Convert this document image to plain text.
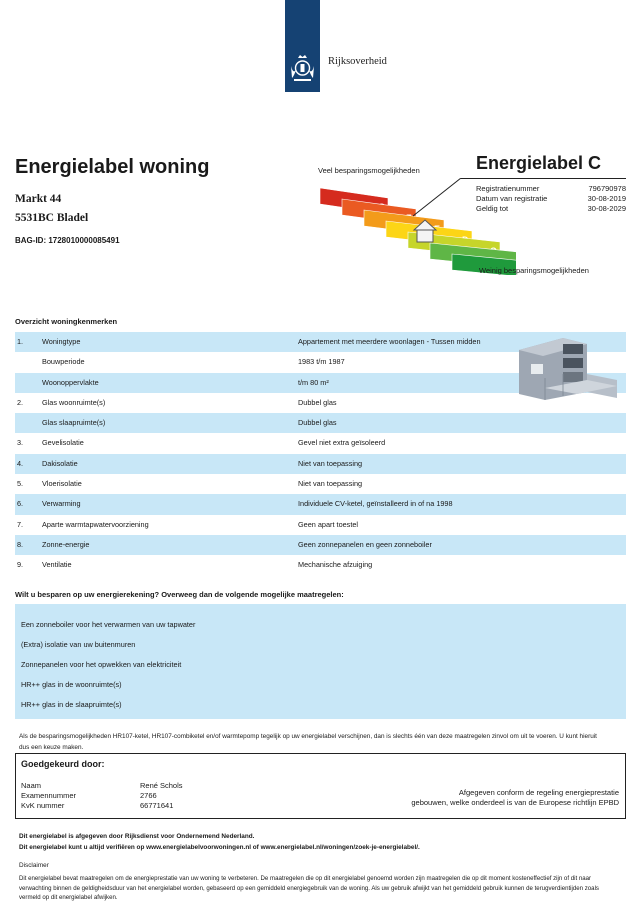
Rijksoverheid
Energielabel woning
Markt 44
5531BC Bladel
BAG-ID: 1728010000085491
Veel besparingsmogelijkheden
Weinig besparingsmogelijkheden
Energielabel C
Registratienummer	796790978
Datum van registratie	30-08-2019
Geldig tot	30-08-2029
Overzicht woningkenmerken
1.	Woningtype	Appartement met meerdere woonlagen - Tussen midden
Bouwperiode	1983 t/m 1987
Woonoppervlakte	t/m 80 m²
2.	Glas woonruimte(s)	Dubbel glas
Glas slaapruimte(s)	Dubbel glas
3.	Gevelisolatie	Gevel niet extra geïsoleerd
4.	Dakisolatie	Niet van toepassing
5.	Vloerisolatie	Niet van toepassing
6.	Verwarming	Individuele CV-ketel, geïnstalleerd in of na 1998
7.	Aparte warmtapwatervoorziening	Geen apart toestel
8.	Zonne-energie	Geen zonnepanelen en geen zonneboiler
9.	Ventilatie	Mechanische afzuiging
Wilt u besparen op uw energierekening? Overweeg dan de volgende mogelijke maatregelen:
Een zonneboiler voor het verwarmen van uw tapwater
(Extra) isolatie van uw buitenmuren
Zonnepanelen voor het opwekken van elektriciteit
HR++ glas in de woonruimte(s)
HR++ glas in de slaapruimte(s)
Als de besparingsmogelijkheden HR107-ketel, HR107-combiketel en/of warmtepomp tegelijk op uw energielabel verschijnen, dan is slechts één van deze maatregelen zinvol om uit te voeren. U kunt hieruit dus een keuze maken.
Goedgekeurd door:
Afgegeven conform de regeling energieprestatie
gebouwen, welke onderdeel is van de Europese richtlijn EPBD
Naam	René Schols
Examennummer	2766
KvK nummer	66771641
Dit energielabel is afgegeven door Rijksdienst voor Ondernemend Nederland.
Dit energielabel kunt u altijd verifiëren op www.energielabelvoorwoningen.nl of www.energielabel.nl/woningen/zoek-je-energielabel/.
Disclaimer
Dit energielabel bevat maatregelen om de energieprestatie van uw woning te verbeteren. De maatregelen die op dit energielabel genoemd worden zijn maatregelen die op dit moment kosteneffectief zijn of dit naar verwachting binnen de geldigheidsduur van het energielabel worden, gebaseerd op een gemiddeld energiegebruik van de woning. Als uw gebruik afwijkt van het gemiddeld gebruik kunnen de terugverdientijden zoals vermeld op dit energielabel afwijken.
